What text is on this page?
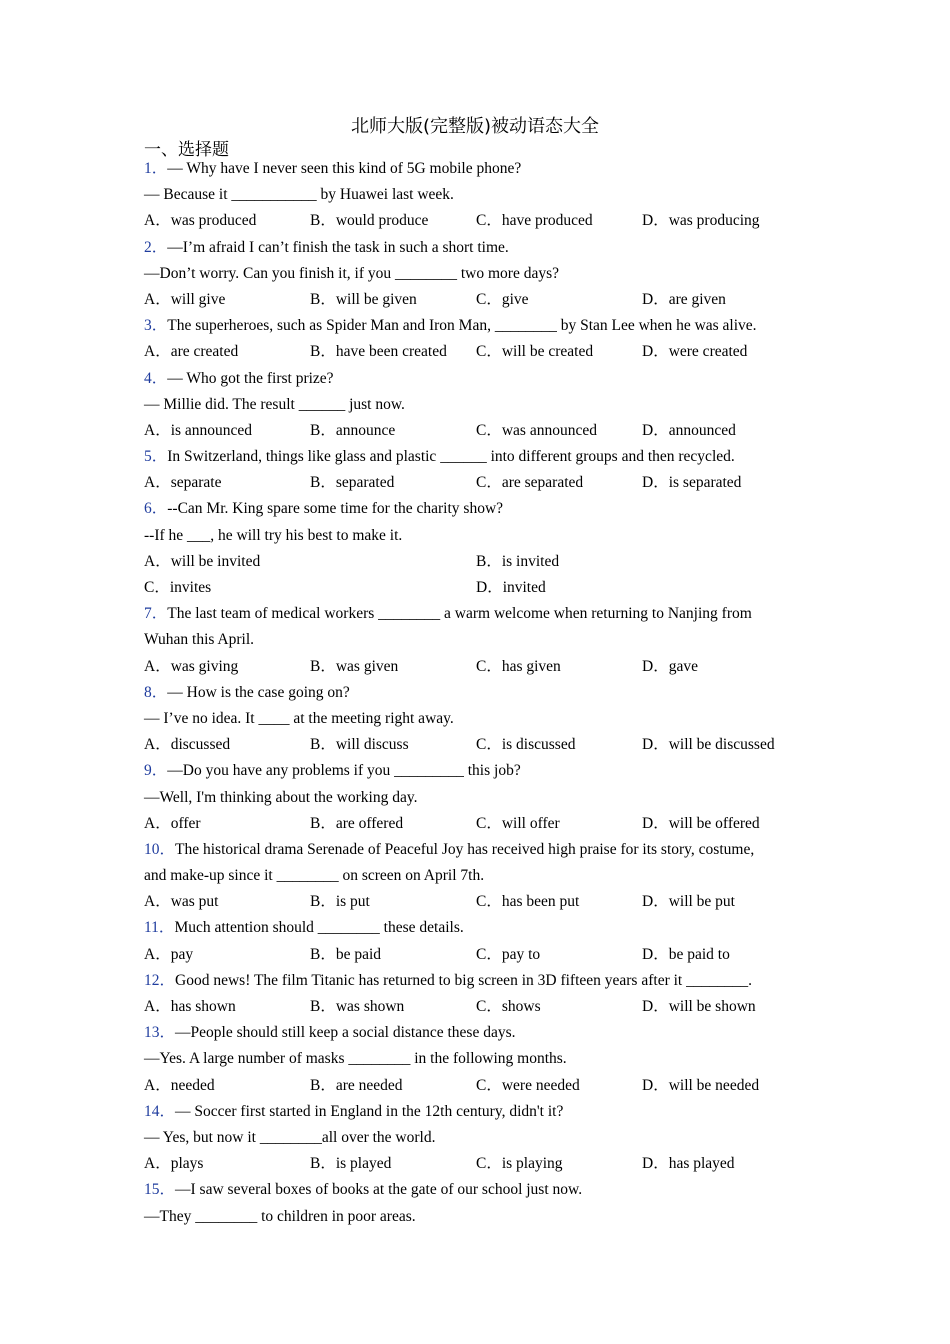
北师大版(完整版)被动语态大全
一、选择题
1．— Why have I never seen this kind of 5G mobile phone?
— Because it ___________ by Huawei last week.
A．was produced	B．would produce	C．have produced	D．was producing
2．—I’m afraid I can’t finish the task in such a short time.
—Don’t worry. Can you finish it, if you ________ two more days?
A．will give	B．will be given	C．give	D．are given
3．The superheroes, such as Spider Man and Iron Man, ________ by Stan Lee when he was alive.
A．are created	B．have been created	C．will be created	D．were created
4．— Who got the first prize?
— Millie did. The result ______ just now.
A．is announced	B．announce	C．was announced	D．announced
5．In Switzerland, things like glass and plastic ______ into different groups and then recycled.
A．separate	B．separated	C．are separated	D．is separated
6．--Can Mr. King spare some time for the charity show?
--If he ___, he will try his best to make it.
A．will be invited	B．is invited
C．invites	D．invited
7．The last team of medical workers ________ a warm welcome when returning to Nanjing from
Wuhan this April.
A．was giving	B．was given	C．has given	D．gave
8．— How is the case going on?
— I’ve no idea. It ____ at the meeting right away.
A．discussed	B．will discuss	C．is discussed	D．will be discussed
9．—Do you have any problems if you _________ this job?
—Well, I'm thinking about the working day.
A．offer	B．are offered	C．will offer	D．will be offered
10．The historical drama Serenade of Peaceful Joy has received high praise for its story, costume,
and make-up since it ________ on screen on April 7th.
A．was put	B．is put	C．has been put	D．will be put
11．Much attention should ________ these details.
A．pay	B．be paid	C．pay to	D．be paid to
12．Good news! The film Titanic has returned to big screen in 3D fifteen years after it ________.
A．has shown	B．was shown	C．shows	D．will be shown
13．—People should still keep a social distance these days.
—Yes. A large number of masks ________ in the following months.
A．needed	B．are needed	C．were needed	D．will be needed
14．— Soccer first started in England in the 12th century, didn't it?
— Yes, but now it ________all over the world.
A．plays	B．is played	C．is playing	D．has played
15．—I saw several boxes of books at the gate of our school just now.
—They ________ to children in poor areas.
